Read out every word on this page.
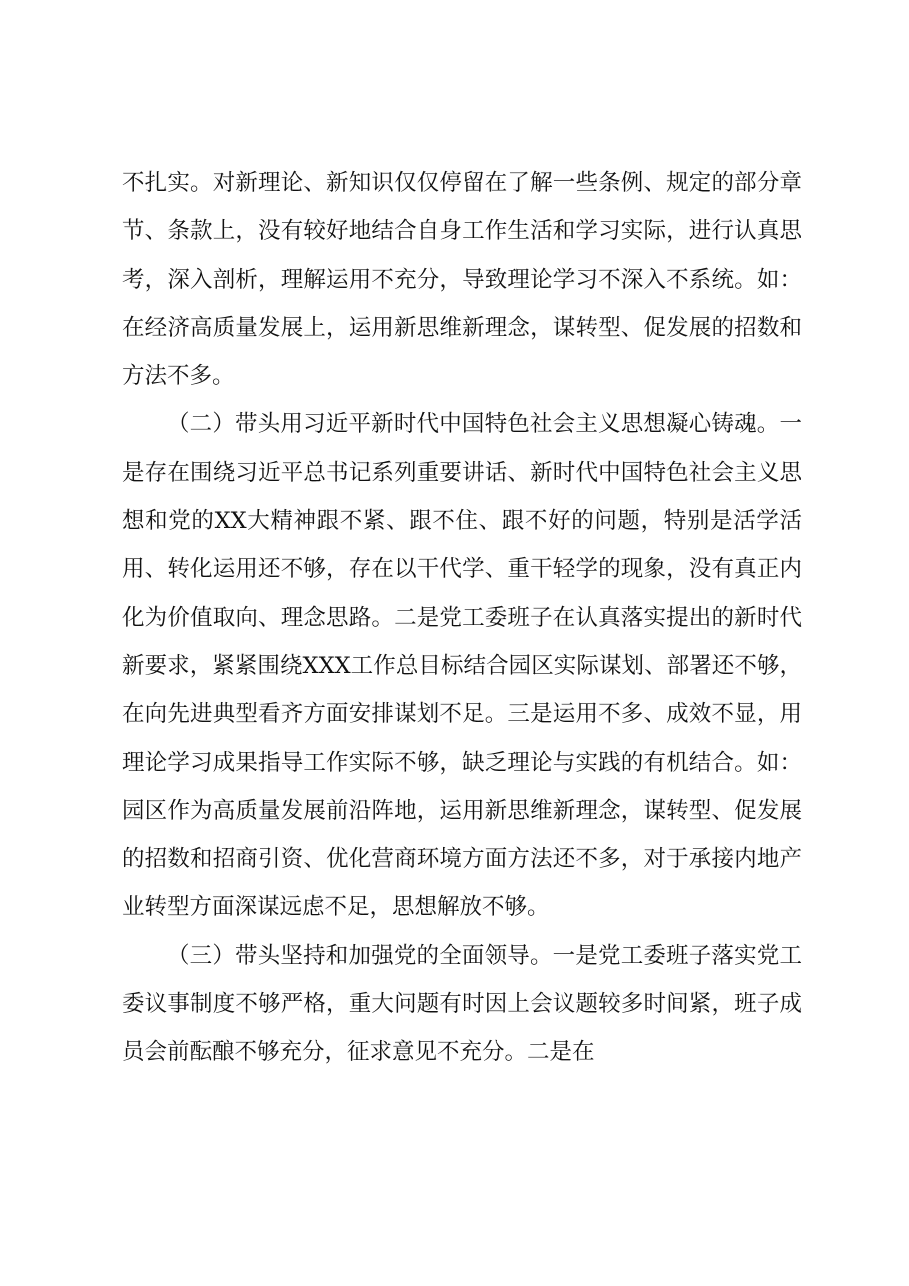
不扎实。对新理论、新知识仅仅停留在了解一些条例、规定的部分章节、条款上，没有较好地结合自身工作生活和学习实际，进行认真思考，深入剖析，理解运用不充分，导致理论学习不深入不系统。如：在经济高质量发展上，运用新思维新理念，谋转型、促发展的招数和方法不多。

（二）带头用习近平新时代中国特色社会主义思想凝心铸魂。一是存在围绕习近平总书记系列重要讲话、新时代中国特色社会主义思想和党的XX大精神跟不紧、跟不住、跟不好的问题，特别是活学活用、转化运用还不够，存在以干代学、重干轻学的现象，没有真正内化为价值取向、理念思路。二是党工委班子在认真落实提出的新时代新要求，紧紧围绕XXX工作总目标结合园区实际谋划、部署还不够，在向先进典型看齐方面安排谋划不足。三是运用不多、成效不显，用理论学习成果指导工作实际不够，缺乏理论与实践的有机结合。如：园区作为高质量发展前沿阵地，运用新思维新理念，谋转型、促发展的招数和招商引资、优化营商环境方面方法还不多，对于承接内地产业转型方面深谋远虑不足，思想解放不够。

（三）带头坚持和加强党的全面领导。一是党工委班子落实党工委议事制度不够严格，重大问题有时因上会议题较多时间紧，班子成员会前酝酿不够充分，征求意见不充分。二是在
